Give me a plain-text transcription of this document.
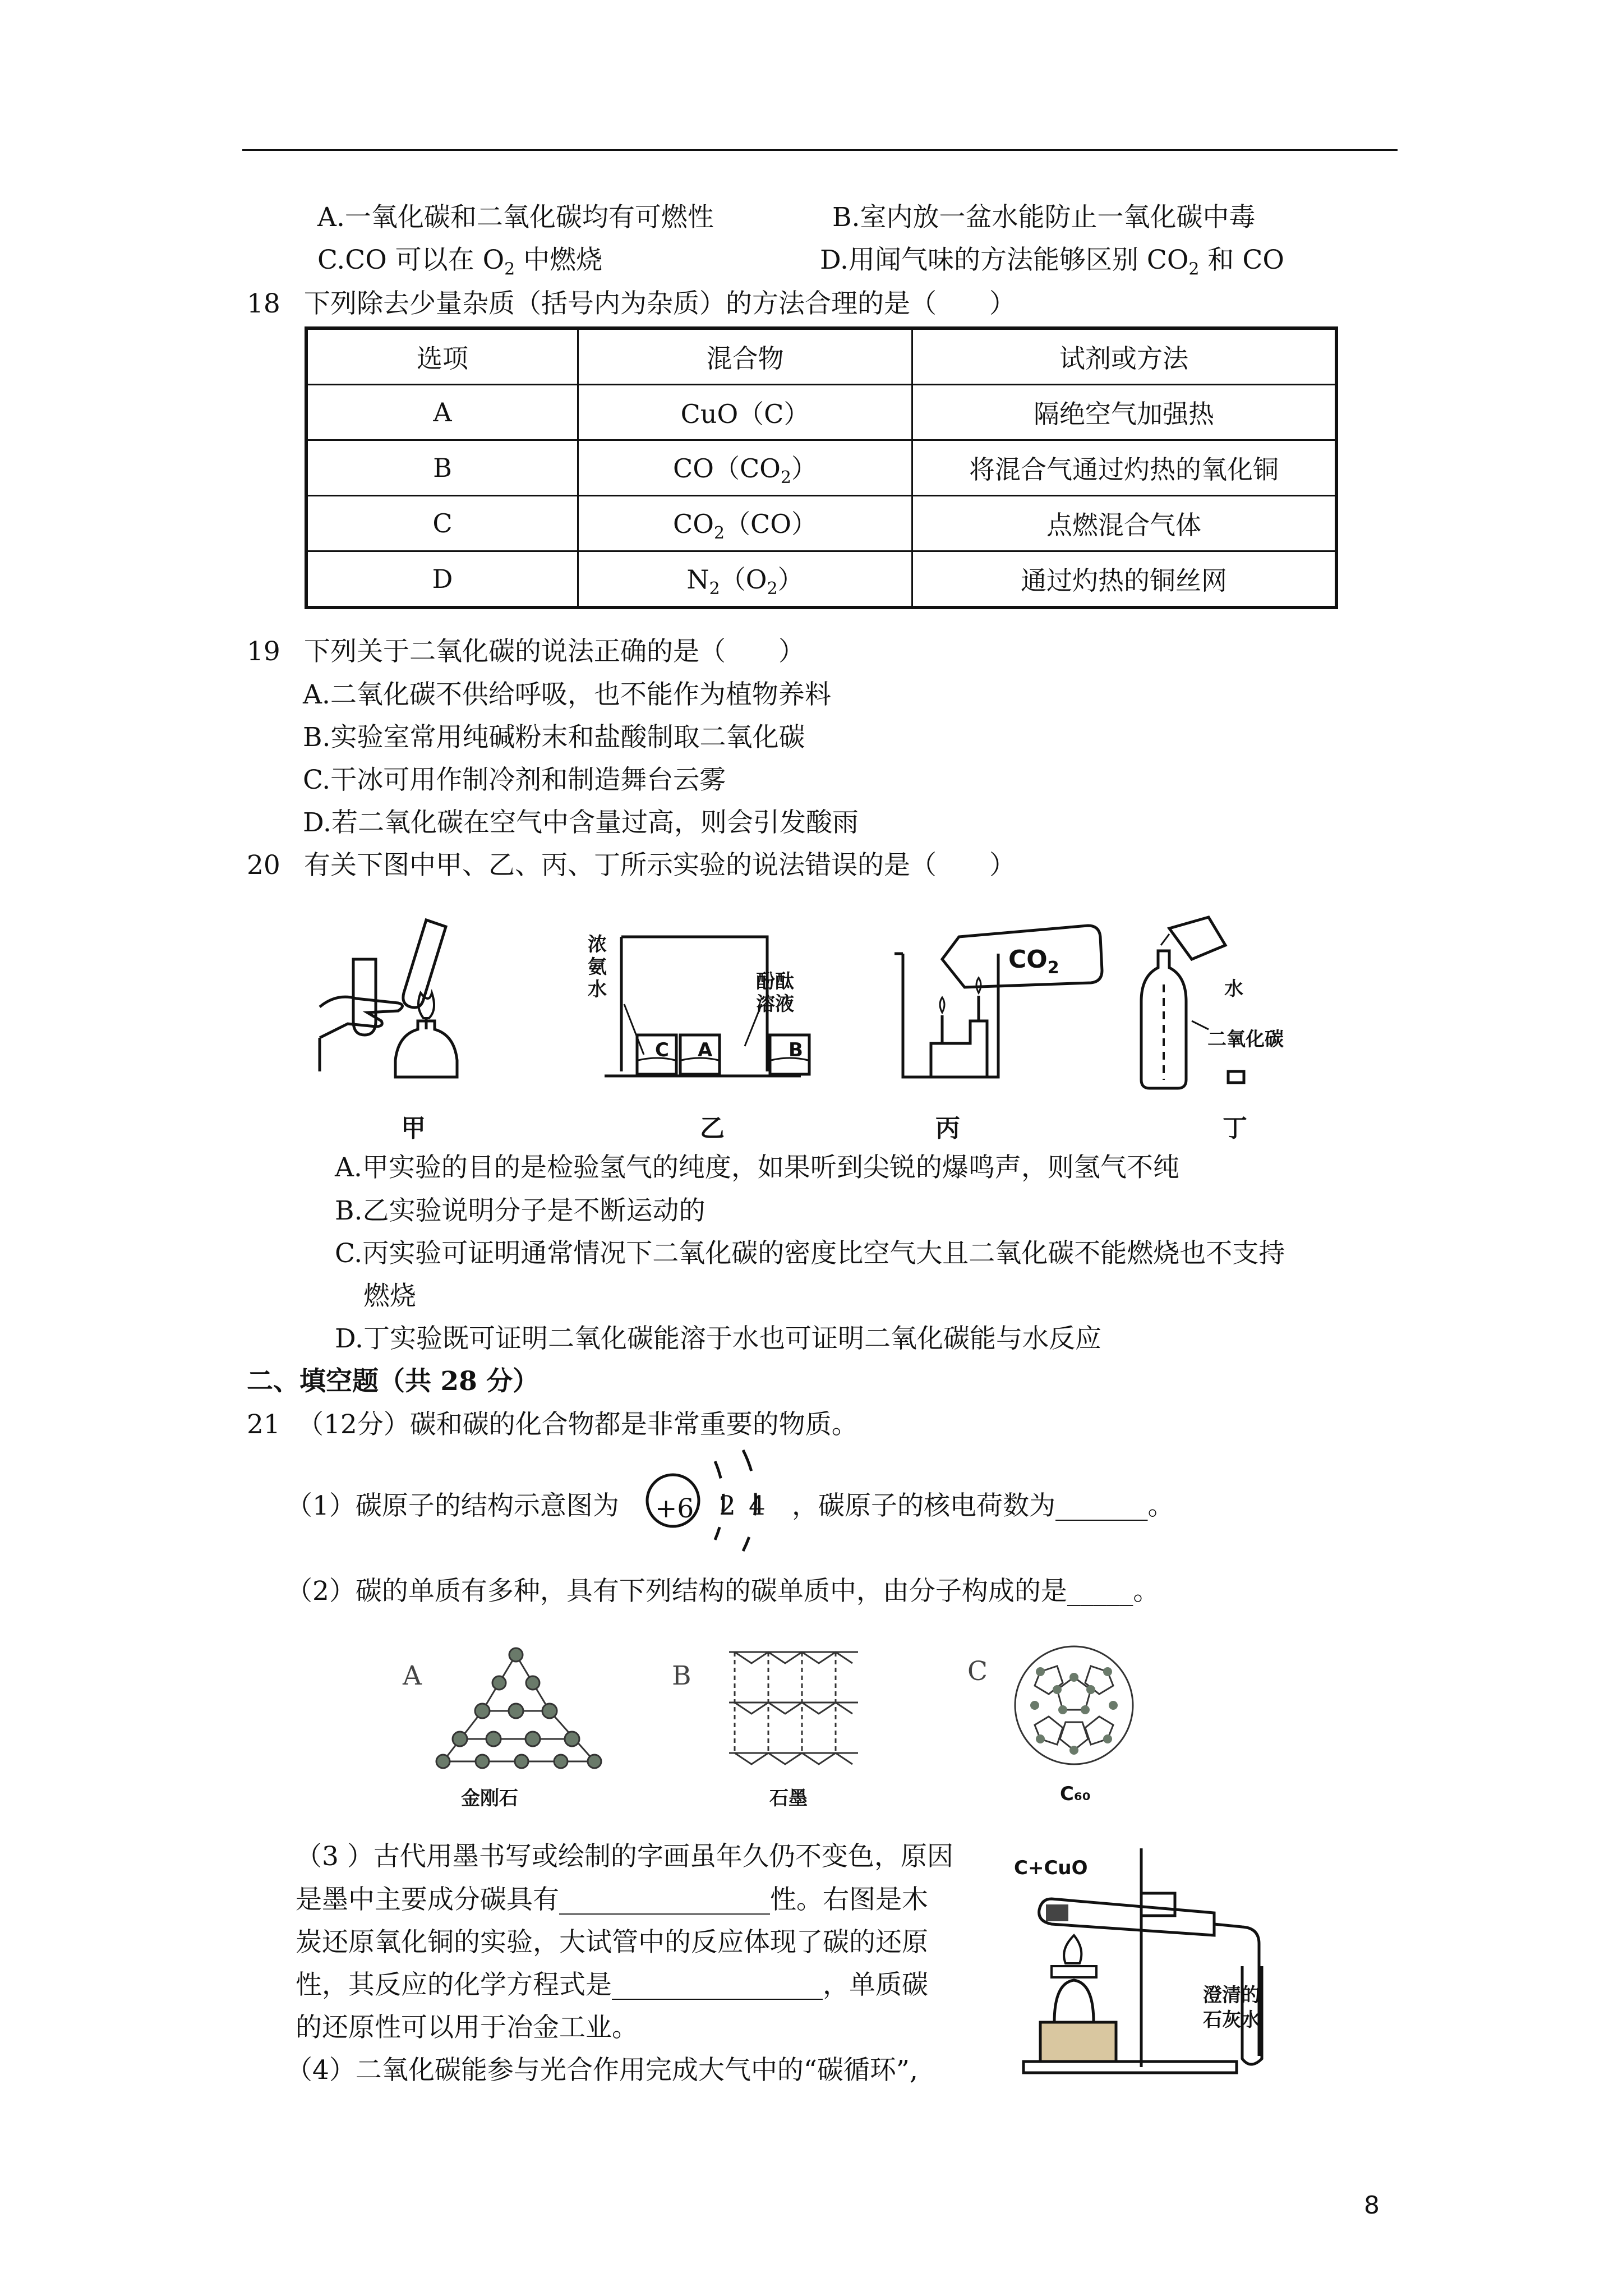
A.一氧化碳和二氧化碳均有可燃性	B.室内放一盆水能防止一氧化碳中毒
C.CO 可以在 $O_2$ 中燃烧	D.用闻气味的方法能够区别 $CO_2$ 和 CO
18 下列除去少量杂质（括号内为杂质）的方法合理的是（　　）
选项	混合物	试剂或方法
A	CuO（C）	隔绝空气加强热
B	$CO(CO_2)$	将混合气通过灼热的氧化铜
C	$CO_2(CO)$	点燃混合气体
D	$N_2(O_2)$	通过灼热的铜丝网
19 下列关于二氧化碳的说法正确的是（　　）
A.二氧化碳不供给呼吸，也不能作为植物养料
B.实验室常用纯碱粉末和盐酸制取二氧化碳
C.干冰可用作制冷剂和制造舞台云雾
D.若二氧化碳在空气中含量过高，则会引发酸雨
20 有关下图中甲、乙、丙、丁所示实验的说法错误的是（　　）
甲
C A	B
浓
氨
水	酚酞
溶液
乙
$CO_2$
丙
水
二氧化碳
丁
A.甲实验的目的是检验氢气的纯度，如果听到尖锐的爆鸣声，则氢气不纯
B.乙实验说明分子是不断运动的
C.丙实验可证明通常情况下二氧化碳的密度比空气大且二氧化碳不能燃烧也不支持
燃烧
D.丁实验既可证明二氧化碳能溶于水也可证明二氧化碳能与水反应
二、填空题（共 28 分）
21 （12分）碳和碳的化合物都是非常重要的物质。
（1）碳原子的结构示意图为 +6 2 4 ，碳原子的核电荷数为_______。
（2）碳的单质有多种，具有下列结构的碳单质中，由分子构成的是_____。
A
金刚石
B
石墨
C
C₆₀
（3 ）古代用墨书写或绘制的字画虽年久仍不变色，原因
是墨中主要成分碳具有________________性。右图是木
炭还原氧化铜的实验，大试管中的反应体现了碳的还原
性，其反应的化学方程式是________________，单质碳
的还原性可以用于冶金工业。
（4）二氧化碳能参与光合作用完成大气中的“碳循环”,
C+CuO
澄清的
石灰水
8
